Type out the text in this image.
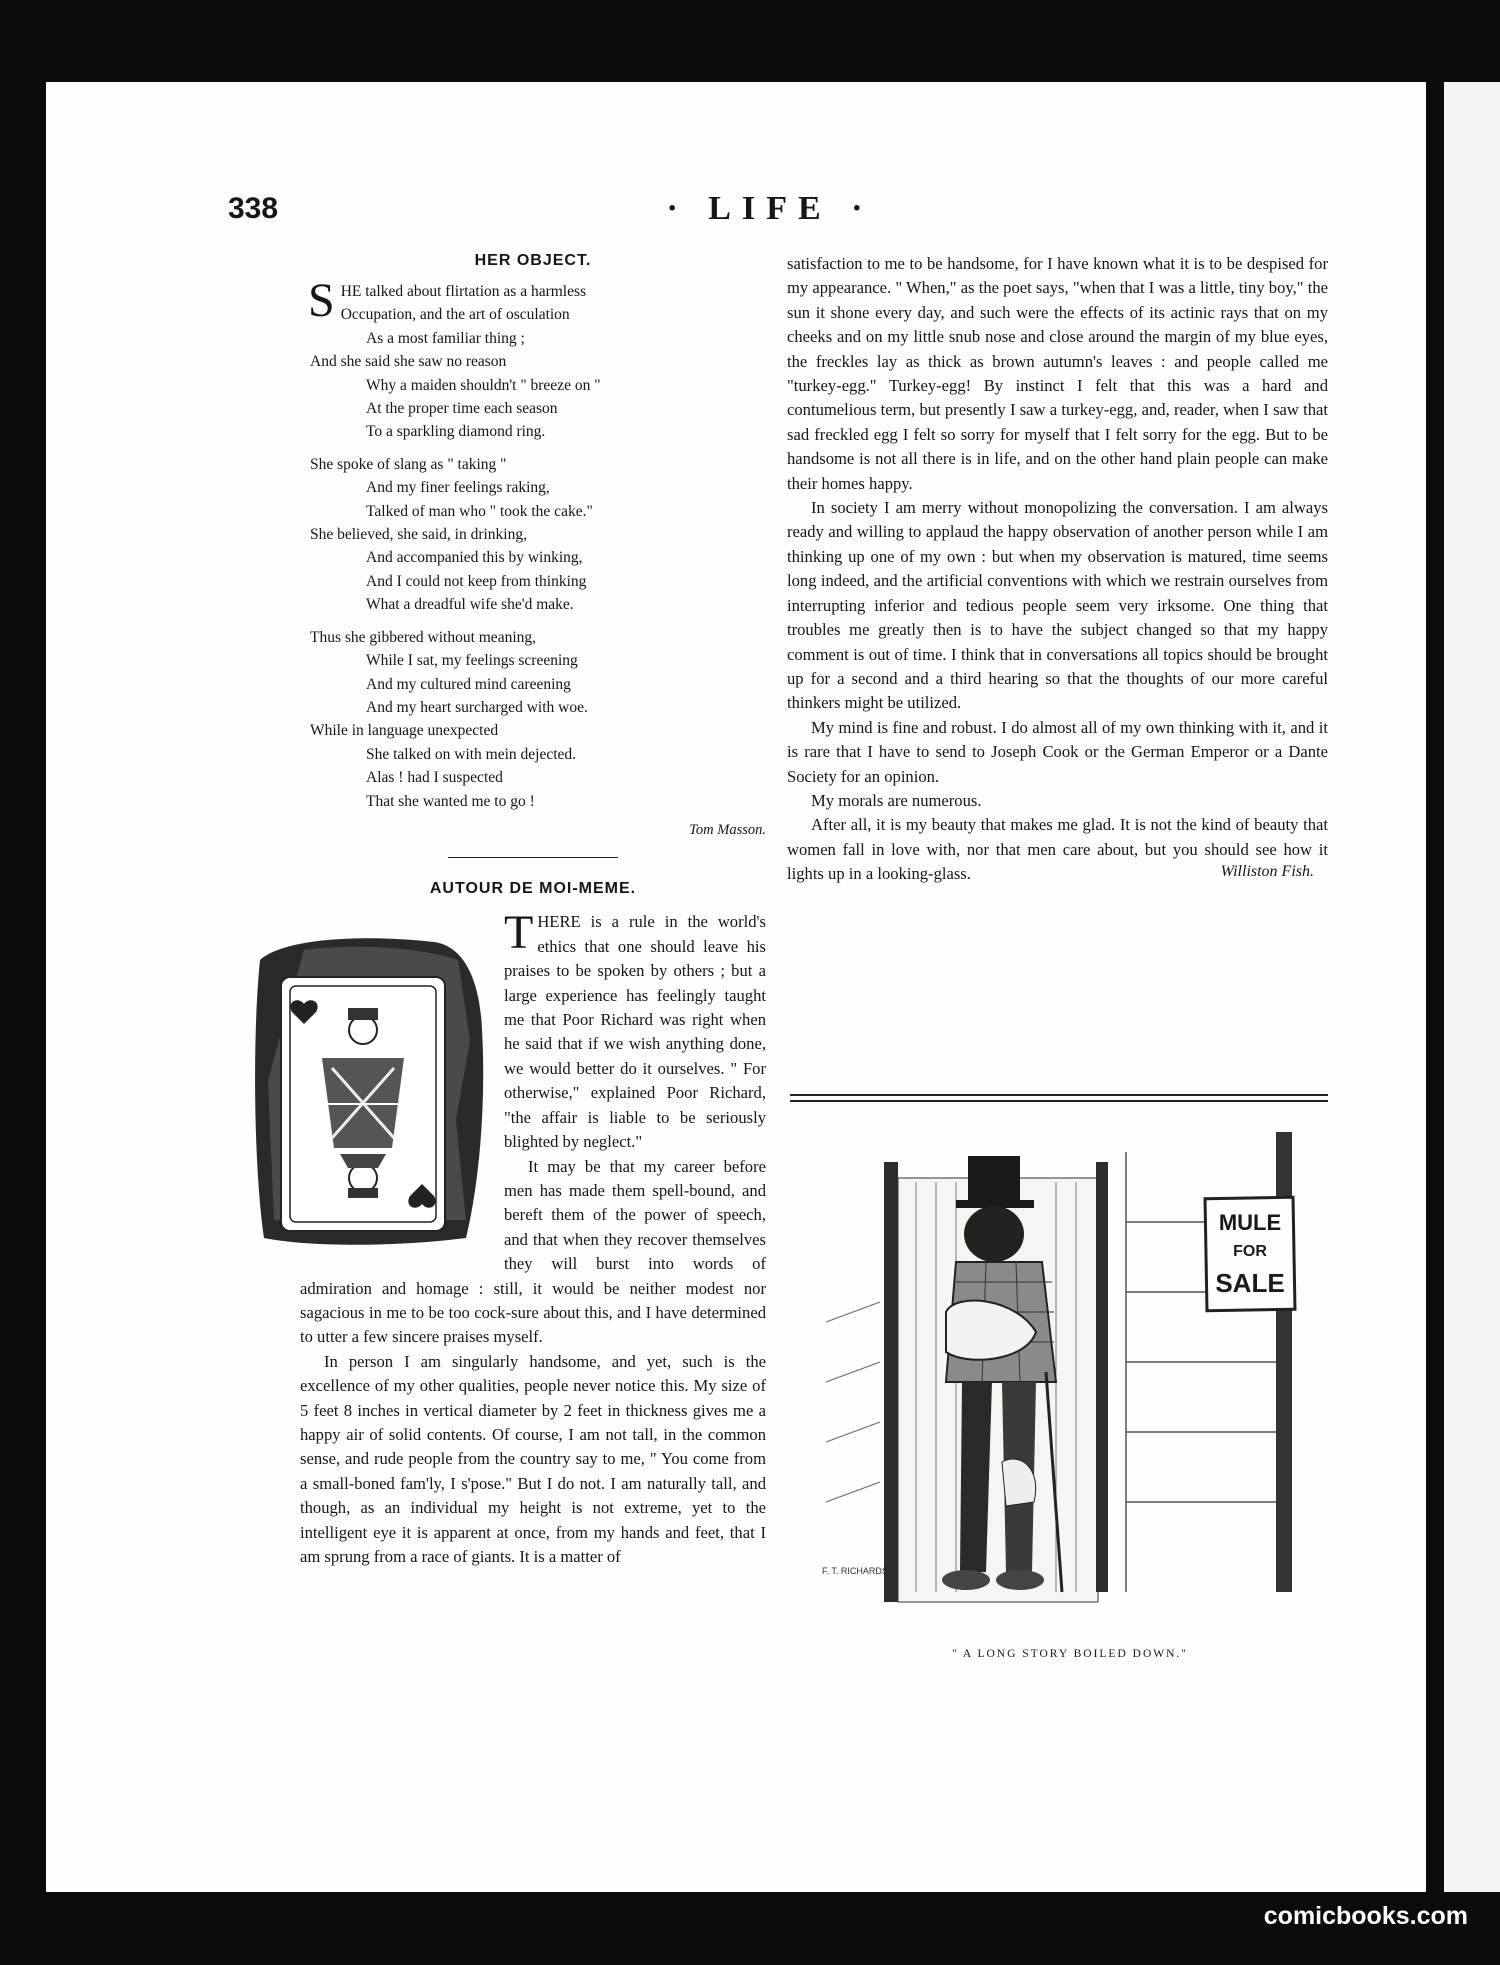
338	· LIFE ·
HER OBJECT.
S HE talked about flirtation as a harmless
Occupation, and the art of osculation
As a most familiar thing ;
And she said she saw no reason
Why a maiden shouldn't " breeze on "
At the proper time each season
To a sparkling diamond ring.
She spoke of slang as " taking "
And my finer feelings raking,
Talked of man who " took the cake."
She believed, she said, in drinking,
And accompanied this by winking,
And I could not keep from thinking
What a dreadful wife she'd make.
Thus she gibbered without meaning,
While I sat, my feelings screening
And my cultured mind careening
And my heart surcharged with woe.
While in language unexpected
She talked on with mein dejected.
Alas ! had I suspected
That she wanted me to go !
Tom Masson.
AUTOUR DE MOI-MEME.

THERE is a rule in the world's ethics that one should leave his praises to be spoken by others ; but a large experience has feelingly taught me that Poor Richard was right when he said that if we wish anything done, we would better do it ourselves. " For otherwise," explained Poor Richard, "the affair is liable to be seriously blighted by neglect."

It may be that my career before men has made them spell-bound, and bereft them of the power of speech, and that when they recover themselves they will burst into words of admiration and homage : still, it would be neither modest nor sagacious in me to be too cock-sure about this, and I have determined to utter a few sincere praises myself.

In person I am singularly handsome, and yet, such is the excellence of my other qualities, people never notice this. My size of 5 feet 8 inches in vertical diameter by 2 feet in thickness gives me a happy air of solid contents. Of course, I am not tall, in the common sense, and rude people from the country say to me, " You come from a small-boned fam'ly, I s'pose." But I do not. I am naturally tall, and though, as an individual my height is not extreme, yet to the intelligent eye it is apparent at once, from my hands and feet, that I am sprung from a race of giants. It is a matter of

satisfaction to me to be handsome, for I have known what it is to be despised for my appearance. " When," as the poet says, "when that I was a little, tiny boy," the sun it shone every day, and such were the effects of its actinic rays that on my cheeks and on my little snub nose and close around the margin of my blue eyes, the freckles lay as thick as brown autumn's leaves : and people called me "turkey-egg." Turkey-egg! By instinct I felt that this was a hard and contumelious term, but presently I saw a turkey-egg, and, reader, when I saw that sad freckled egg I felt so sorry for myself that I felt sorry for the egg. But to be handsome is not all there is in life, and on the other hand plain people can make their homes happy.

In society I am merry without monopolizing the conversation. I am always ready and willing to applaud the happy observation of another person while I am thinking up one of my own : but when my observation is matured, time seems long indeed, and the artificial conventions with which we restrain ourselves from interrupting inferior and tedious people seem very irksome. One thing that troubles me greatly then is to have the subject changed so that my happy comment is out of time. I think that in conversations all topics should be brought up for a second and a third hearing so that the thoughts of our more careful thinkers might be utilized.

My mind is fine and robust. I do almost all of my own thinking with it, and it is rare that I have to send to Joseph Cook or the German Emperor or a Dante Society for an opinion.

My morals are numerous.

After all, it is my beauty that makes me glad. It is not the kind of beauty that women fall in love with, nor that men care about, but you should see how it lights up in a looking-glass.	Williston Fish.
MULE
FOR
SALE
F. T. RICHARDS
" A LONG STORY BOILED DOWN."
comicbooks.com
